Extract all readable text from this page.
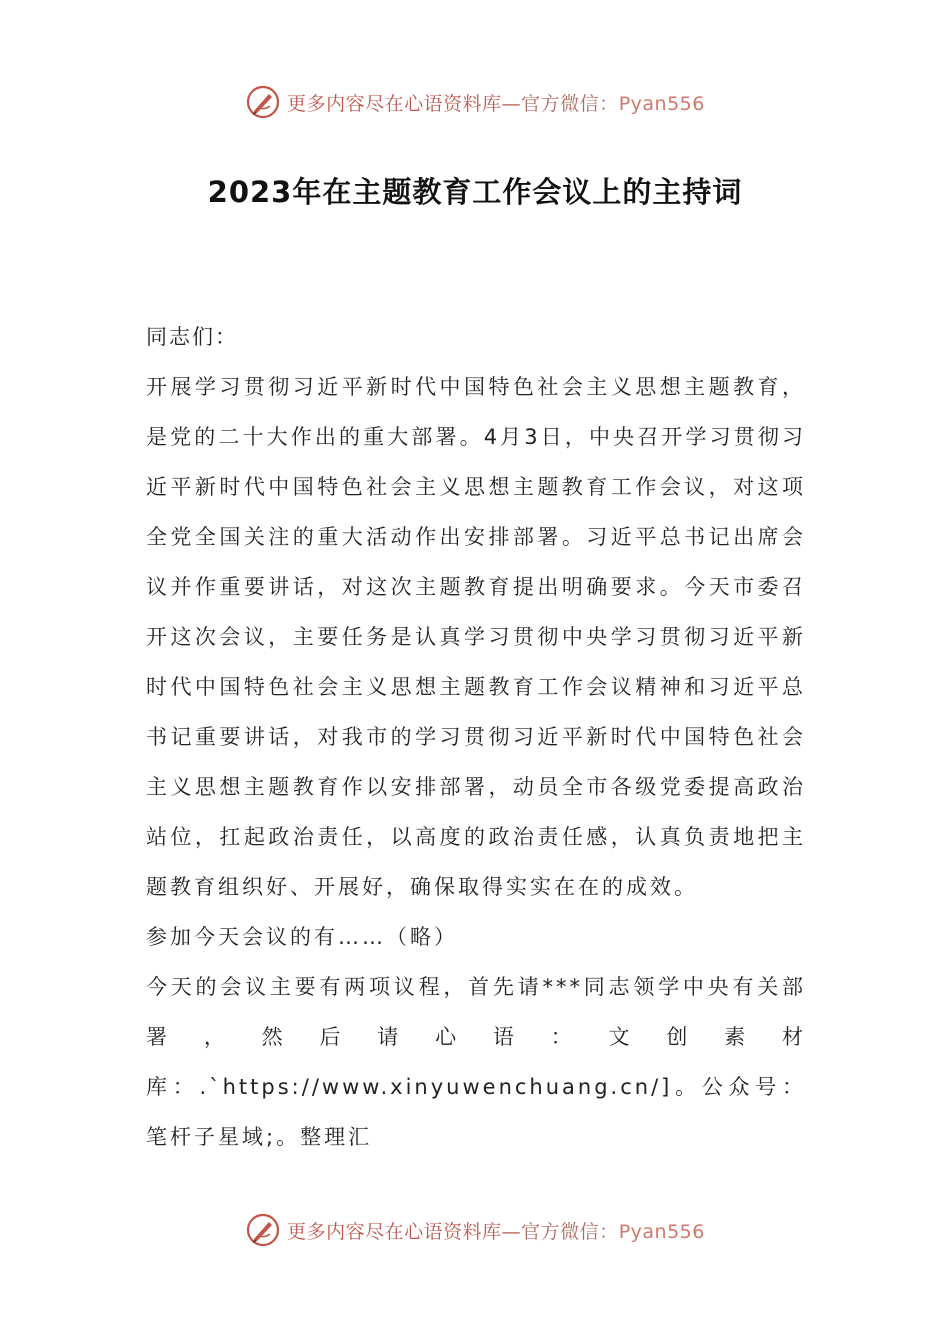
更多内容尽在心语资料库—官方微信：Pyan556
2023年在主题教育工作会议上的主持词

同志们：

开展学习贯彻习近平新时代中国特色社会主义思想主题教育，是党的二十大作出的重大部署。4月3日，中央召开学习贯彻习近平新时代中国特色社会主义思想主题教育工作会议，对这项全党全国关注的重大活动作出安排部署。习近平总书记出席会议并作重要讲话，对这次主题教育提出明确要求。今天市委召开这次会议，主要任务是认真学习贯彻中央学习贯彻习近平新时代中国特色社会主义思想主题教育工作会议精神和习近平总书记重要讲话，对我市的学习贯彻习近平新时代中国特色社会主义思想主题教育作以安排部署，动员全市各级党委提高政治站位，扛起政治责任，以高度的政治责任感，认真负责地把主题教育组织好、开展好，确保取得实实在在的成效。

参加今天会议的有……（略）

今天的会议主要有两项议程，首先请***同志领学中央有关部署，然后请心语：文创素材库：.`https://www.xinyuwenchuang.cn/]。公众号：笔杆子星域;。整理汇

更多内容尽在心语资料库—官方微信：Pyan556
